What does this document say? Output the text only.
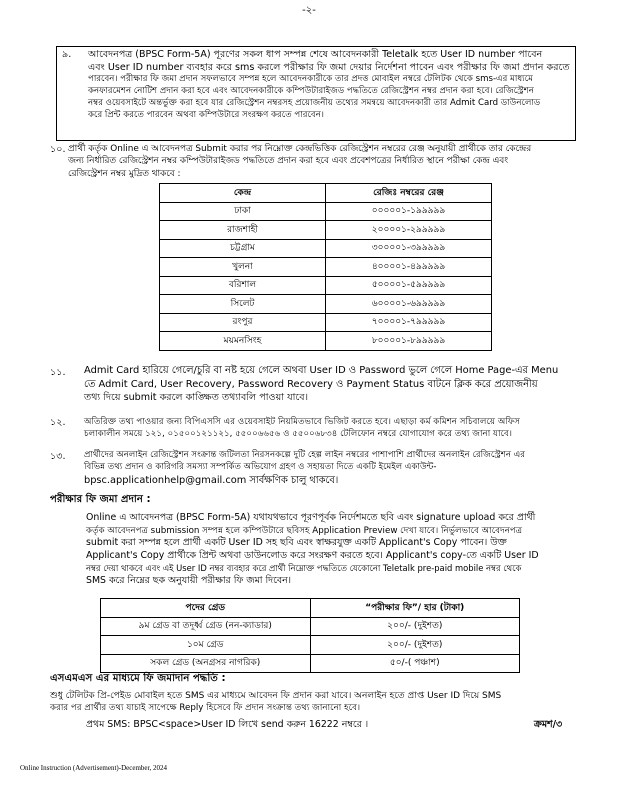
-২-
৯.	আবেদনপত্র (BPSC Form-5A) পূরণের সকল ধাপ সম্পন্ন শেষে আবেদনকারী Teletalk হতে User ID number পাবেন
এবং User ID number ব্যবহার করে sms করলে পরীক্ষার ফি জমা দেয়ার নির্দেশনা পাবেন এবং পরীক্ষার ফি জমা প্রদান করতে
পারবেন। পরীক্ষার ফি জমা প্রদান সফলভাবে সম্পন্ন হলে আবেদনকারীকে তার প্রদত্ত মোবাইল নম্বরে টেলিটক থেকে sms-এর মাধ্যমে
কনফারমেশন নোটিশ প্রদান করা হবে এবং আবেদনকারীকে কম্পিউটারাইজড পদ্ধতিতে রেজিস্ট্রেশন নম্বর প্রদান করা হবে। রেজিস্ট্রেশন
নম্বর ওয়েবসাইটে অন্তর্ভুক্ত করা হবে যার রেজিস্ট্রেশন নম্বরসহ প্রয়োজনীয় তথ্যের সমন্বয়ে আবেদনকারী তার Admit Card ডাউনলোড
করে প্রিন্ট করতে পারবেন অথবা কম্পিউটারে সংরক্ষণ করতে পারবেন।
১০. প্রার্থী কর্তৃক Online এ আবেদনপত্র Submit করার পর নিম্নোক্ত কেন্দ্রভিত্তিক রেজিস্ট্রেশন নম্বরের রেঞ্জ অনুযায়ী প্রার্থীকে তার কেন্দ্রের
জন্য নির্ধারিত রেজিস্ট্রেশন নম্বর কম্পিউটারাইজড পদ্ধতিতে প্রদান করা হবে এবং প্রবেশপত্রের নির্ধারিত স্থানে পরীক্ষা কেন্দ্র এবং
রেজিস্ট্রেশন নম্বর মুদ্রিত থাকবে :
কেন্দ্র	রেজিঃ নম্বরের রেঞ্জ
ঢাকা	০০০০০১-১৯৯৯৯৯
রাজশাহী	২০০০০১-২৯৯৯৯৯
চট্টগ্রাম	৩০০০০১-৩৯৯৯৯৯
খুলনা	৪০০০০১-৪৯৯৯৯৯
বরিশাল	৫০০০০১-৫৯৯৯৯৯
সিলেট	৬০০০০১-৬৯৯৯৯৯
রংপুর	৭০০০০১-৭৯৯৯৯৯
ময়মনসিংহ	৮০০০০১-৮৯৯৯৯৯
১১.	Admit Card হারিয়ে গেলে/চুরি বা নষ্ট হয়ে গেলে অথবা User ID ও Password ভুলে গেলে Home Page-এর Menu
তে Admit Card, User Recovery, Password Recovery ও Payment Status বাটনে ক্লিক করে প্রয়োজনীয়
তথ্য দিয়ে submit করলে কাঙ্ক্ষিত তথ্যাবলি পাওয়া যাবে।
১২.	অতিরিক্ত তথ্য পাওয়ার জন্য বিপিএসসি এর ওয়েবসাইট নিয়মিতভাবে ভিজিট করতে হবে। এছাড়া কর্ম কমিশন সচিবালয়ে অফিস
চলাকালীন সময়ে ১২১, ০১৫০০১২১১২১, ৫৫০০৬৬৫৬ ও ৫৫০০৬৮৩৪ টেলিফোন নম্বরে যোগাযোগ করে তথ্য জানা যাবে।
১৩.	প্রার্থীদের অনলাইন রেজিস্ট্রেশন সংক্রান্ত জটিলতা নিরসনকল্পে দুটি হেল্প লাইন নম্বরের পাশাপাশি প্রার্থীদের অনলাইন রেজিস্ট্রেশন এর
বিভিন্ন তথ্য প্রদান ও কারিগরি সমস্যা সম্পর্কিত অভিযোগ গ্রহণ ও সহায়তা দিতে একটি ইমেইল একাউন্ট-
bpsc.applicationhelp@gmail.com সার্বক্ষণিক চালু থাকবে।
পরীক্ষার ফি জমা প্রদান :
Online এ আবেদনপত্র (BPSC Form-5A) যথাযথভাবে পূরণপূর্বক নির্দেশমতে ছবি এবং signature upload করে প্রার্থী
কর্তৃক আবেদনপত্র submission সম্পন্ন হলে কম্পিউটারে ছবিসহ Application Preview দেখা যাবে। নির্ভুলভাবে আবেদনপত্র
submit করা সম্পন্ন হলে প্রার্থী একটি User ID সহ ছবি এবং স্বাক্ষরযুক্ত একটি Applicant's Copy পাবেন। উক্ত
Applicant's Copy প্রার্থীকে প্রিন্ট অথবা ডাউনলোড করে সংরক্ষণ করতে হবে। Applicant's copy-তে একটি User ID
নম্বর দেয়া থাকবে এবং এই User ID নম্বর ব্যবহার করে প্রার্থী নিম্নোক্ত পদ্ধতিতে যেকোনো Teletalk pre-paid mobile নম্বর থেকে
SMS করে নিম্নের ছক অনুযায়ী পরীক্ষার ফি জমা দিবেন।
পদের গ্রেড	“পরীক্ষার ফি”/ হার (টাকা)
৯ম গ্রেড বা তদূর্ধ্ব গ্রেড (নন-ক্যাডার)	২০০/- (দুইশত)
১০ম গ্রেড	২০০/- (দুইশত)
সকল গ্রেড (অনগ্রসর নাগরিক)	৫০/-( পঞ্চাশ)
এসএমএস এর মাধ্যমে ফি জমাদান পদ্ধতি :
শুধু টেলিটক প্রি-পেইড মোবাইল হতে SMS এর মাধ্যমে আবেদন ফি প্রদান করা যাবে। অনলাইন হতে প্রাপ্ত User ID দিয়ে SMS
করার পর প্রার্থীর তথ্য যাচাই সাপেক্ষে Reply হিসেবে ফি প্রদান সংক্রান্ত তথ্য জানানো হবে।
প্রথম SMS: BPSC<space>User ID লিখে send করুন 16222 নম্বরে ।	ক্রমশ/৩
Online Instruction (Advertisement)-December, 2024
